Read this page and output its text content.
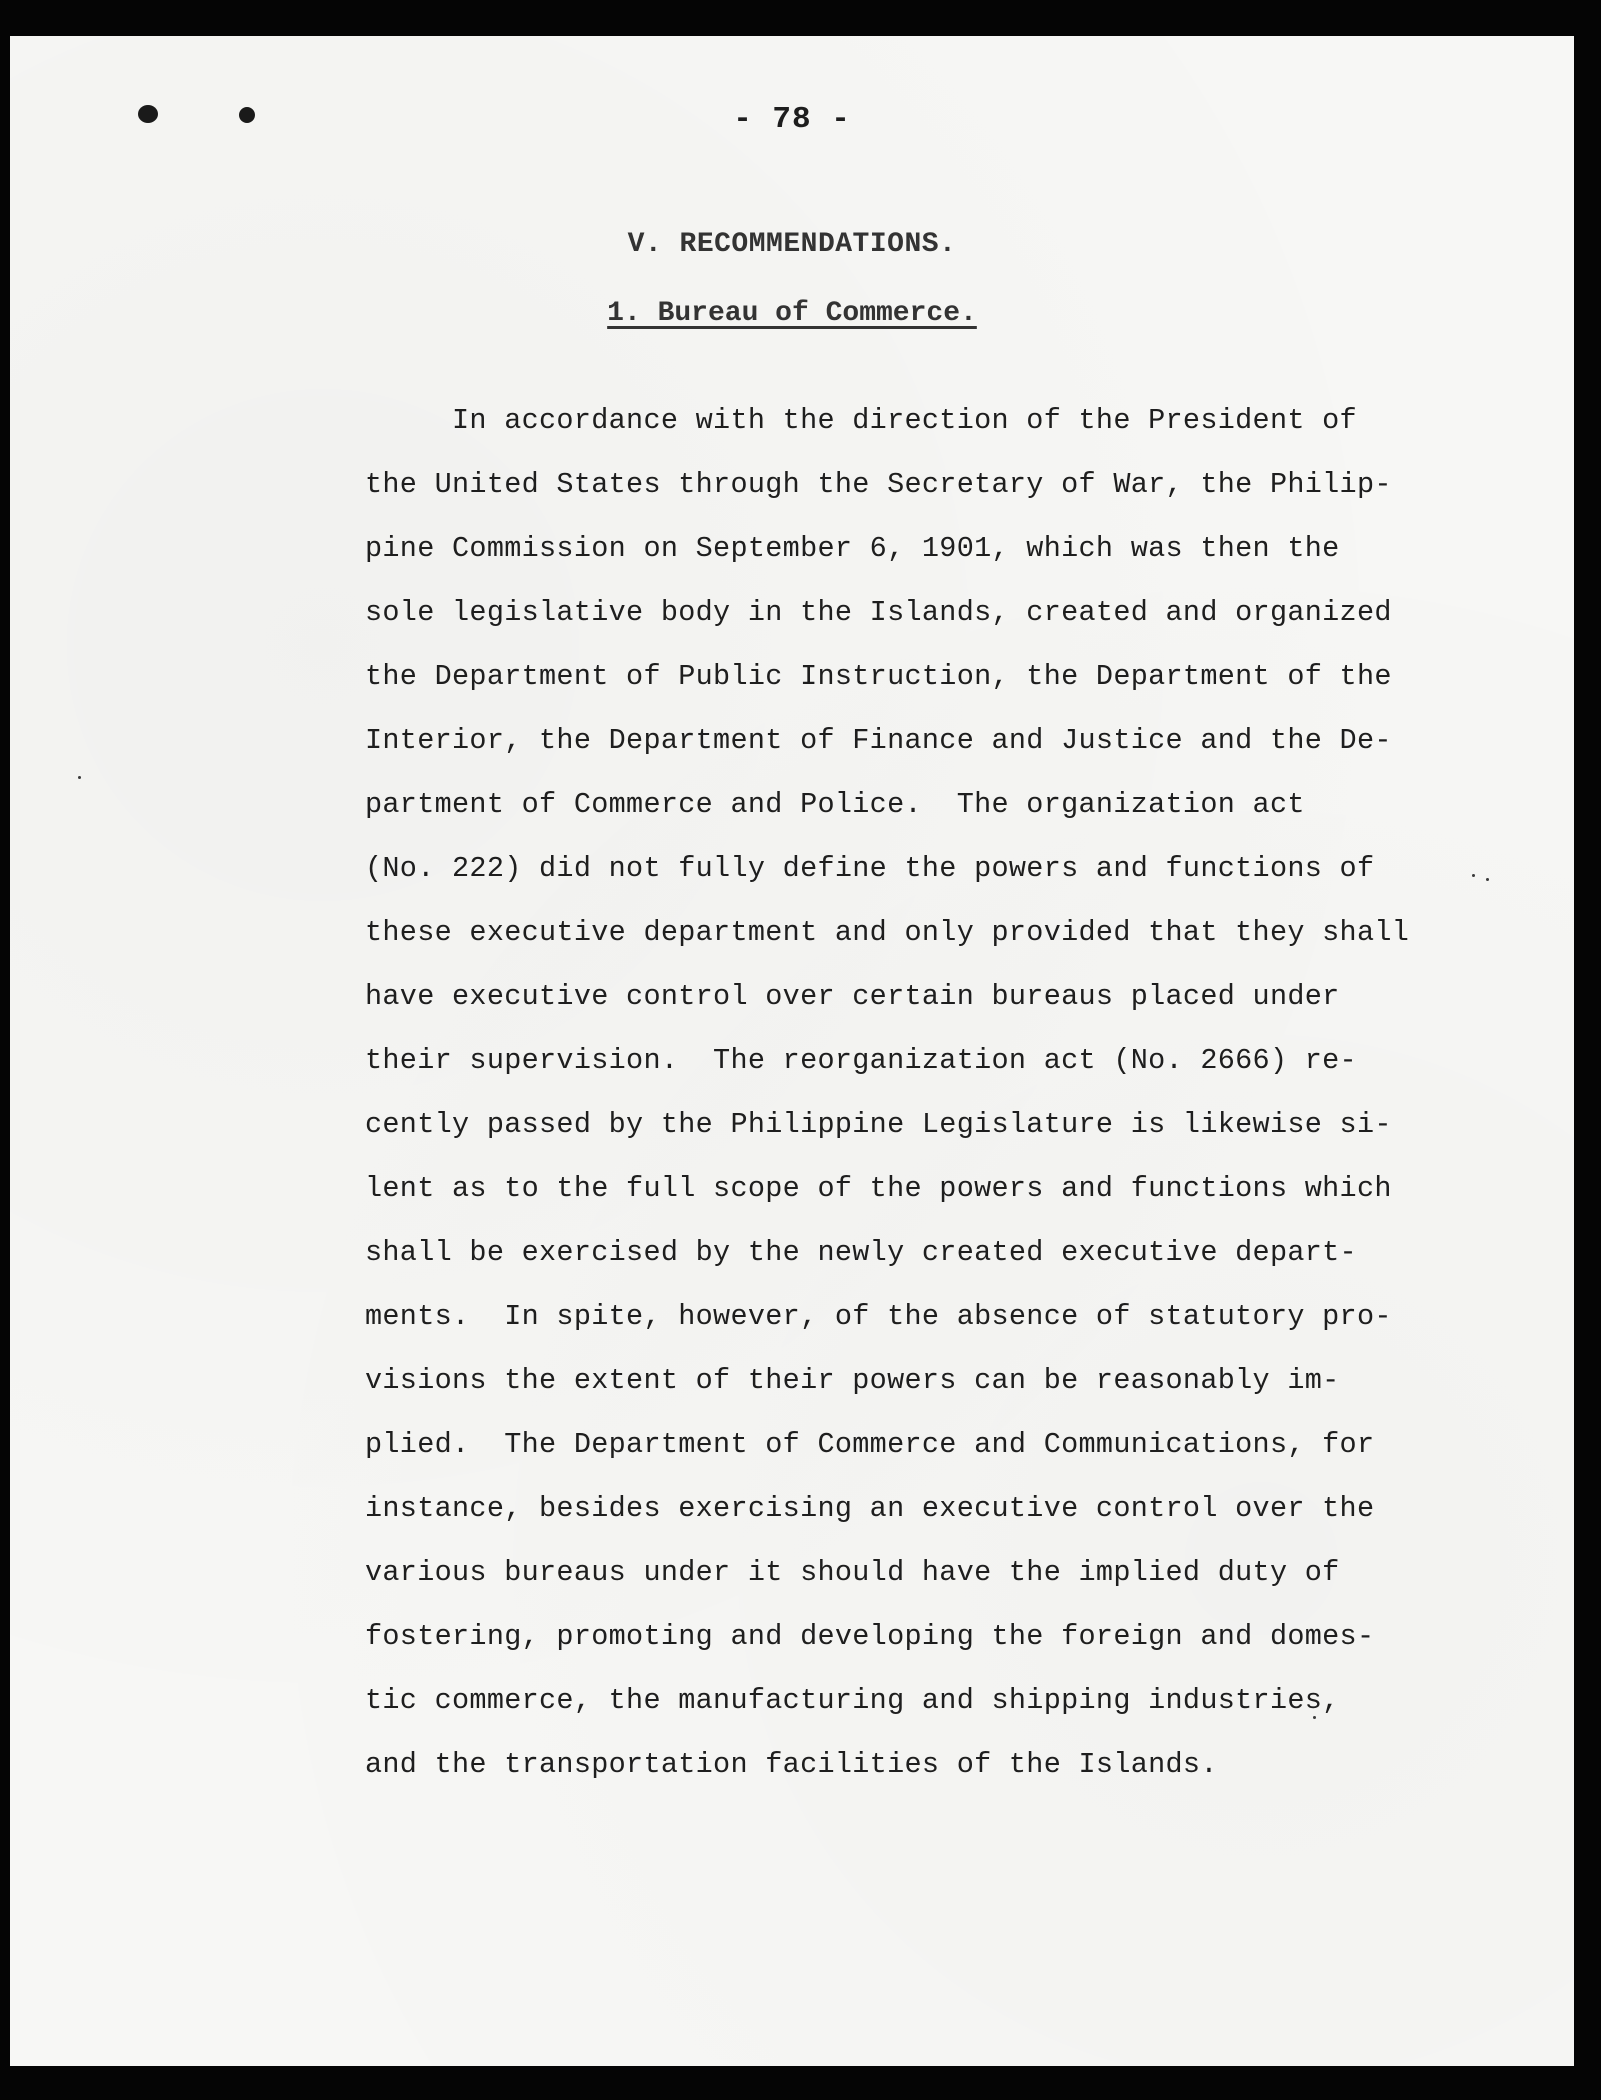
- 78 -
V. RECOMMENDATIONS.
1. Bureau of Commerce.
In accordance with the direction of the President of
the United States through the Secretary of War, the Philip-
pine Commission on September 6, 1901, which was then the
sole legislative body in the Islands, created and organized
the Department of Public Instruction, the Department of the
Interior, the Department of Finance and Justice and the De-
partment of Commerce and Police.  The organization act
(No. 222) did not fully define the powers and functions of
these executive department and only provided that they shall
have executive control over certain bureaus placed under
their supervision.  The reorganization act (No. 2666) re-
cently passed by the Philippine Legislature is likewise si-
lent as to the full scope of the powers and functions which
shall be exercised by the newly created executive depart-
ments.  In spite, however, of the absence of statutory pro-
visions the extent of their powers can be reasonably im-
plied.  The Department of Commerce and Communications, for
instance, besides exercising an executive control over the
various bureaus under it should have the implied duty of
fostering, promoting and developing the foreign and domes-
tic commerce, the manufacturing and shipping industries,
and the transportation facilities of the Islands.
